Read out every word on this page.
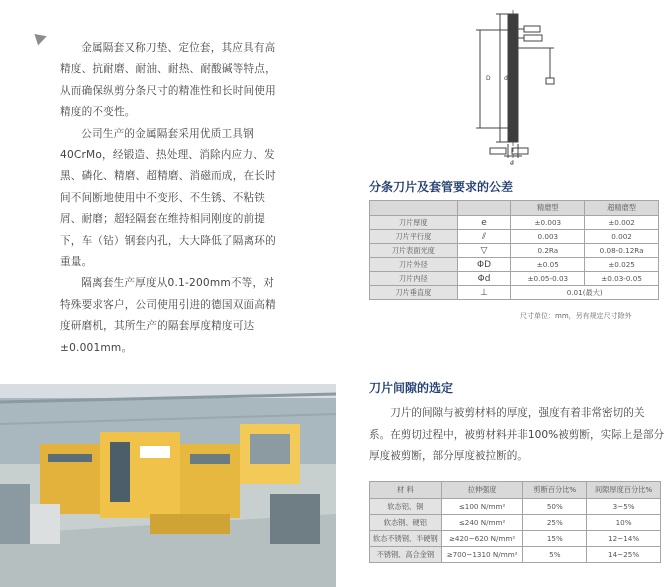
金属隔套又称刀垫、定位套，其应具有高精度、抗耐磨、耐油、耐热、耐酸碱等特点，从而确保纵剪分条尺寸的精准性和长时间使用精度的不变性。

公司生产的金属隔套采用优质工具钢40CrMo，经锻造、热处理、消除内应力、发黑、磷化、精磨、超精磨、消磁而成，在长时间不间断地使用中不变形、不生锈、不粘铁屑、耐磨；超轻隔套在维持相同刚度的前提下，车（钻）钢套内孔，大大降低了隔离环的重量。

隔离套生产厚度从0.1-200mm不等，对特殊要求客户，公司使用引进的德国双面高精度研磨机，其所生产的隔套厚度精度可达±0.001mm。

D d
e
分条刀片及套管要求的公差
		精磨型	超精磨型
刀片厚度	e	±0.003	±0.002
刀片平行度	⫽	0.003	0.002
刀片表面光度	▽	0.2Ra	0.08-0.12Ra
刀片外径	ΦD	±0.05	±0.025
刀片内径	Φd	±0.05-0.03	±0.03-0.05
刀片垂直度	⊥	0.01(最大)	
尺寸单位：mm，另有规定尺寸除外
刀片间隙的选定
刀片的间隙与被剪材料的厚度，强度有着非常密切的关系。在剪切过程中，被剪材料并非100%被剪断，实际上是部分厚度被剪断，部分厚度被拉断的。
材 料	拉伸强度	剪断百分比%	间隙厚度百分比%
软态铝、铜	≤100 N/mm²	50%	3~5%
软态钢、硬铝	≤240 N/mm²	25%	10%
软态不锈钢、半硬钢	≥420~620 N/mm²	15%	12~14%
不锈钢、高合金钢	≥700~1310 N/mm²	5%	14~25%
